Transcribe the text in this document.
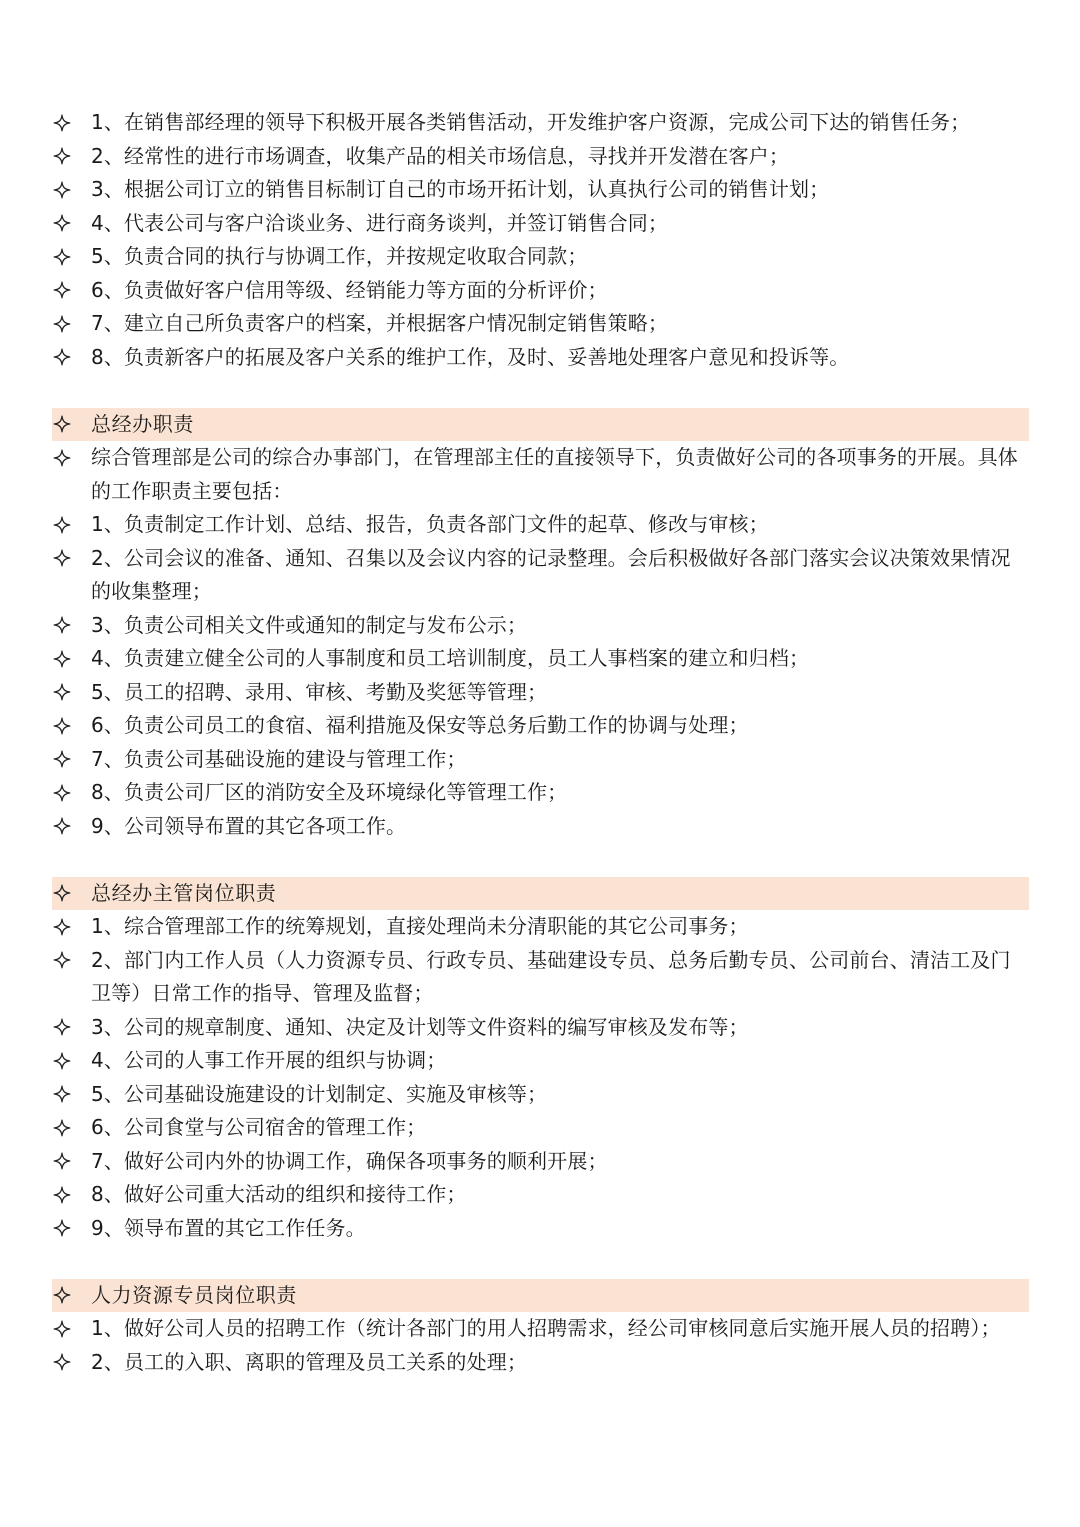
1、在销售部经理的领导下积极开展各类销售活动，开发维护客户资源，完成公司下达的销售任务；
2、经常性的进行市场调查，收集产品的相关市场信息，寻找并开发潜在客户；
3、根据公司订立的销售目标制订自己的市场开拓计划，认真执行公司的销售计划；
4、代表公司与客户洽谈业务、进行商务谈判，并签订销售合同；
5、负责合同的执行与协调工作，并按规定收取合同款；
6、负责做好客户信用等级、经销能力等方面的分析评价；
7、建立自己所负责客户的档案，并根据客户情况制定销售策略；
8、负责新客户的拓展及客户关系的维护工作，及时、妥善地处理客户意见和投诉等。
总经办职责
综合管理部是公司的综合办事部门，在管理部主任的直接领导下，负责做好公司的各项事务的开展。具体的工作职责主要包括：
1、负责制定工作计划、总结、报告，负责各部门文件的起草、修改与审核；
2、公司会议的准备、通知、召集以及会议内容的记录整理。会后积极做好各部门落实会议决策效果情况的收集整理；
3、负责公司相关文件或通知的制定与发布公示；
4、负责建立健全公司的人事制度和员工培训制度，员工人事档案的建立和归档；
5、员工的招聘、录用、审核、考勤及奖惩等管理；
6、负责公司员工的食宿、福利措施及保安等总务后勤工作的协调与处理；
7、负责公司基础设施的建设与管理工作；
8、负责公司厂区的消防安全及环境绿化等管理工作；
9、公司领导布置的其它各项工作。
总经办主管岗位职责
1、综合管理部工作的统筹规划，直接处理尚未分清职能的其它公司事务；
2、部门内工作人员（人力资源专员、行政专员、基础建设专员、总务后勤专员、公司前台、清洁工及门卫等）日常工作的指导、管理及监督；
3、公司的规章制度、通知、决定及计划等文件资料的编写审核及发布等；
4、公司的人事工作开展的组织与协调；
5、公司基础设施建设的计划制定、实施及审核等；
6、公司食堂与公司宿舍的管理工作；
7、做好公司内外的协调工作，确保各项事务的顺利开展；
8、做好公司重大活动的组织和接待工作；
9、领导布置的其它工作任务。
人力资源专员岗位职责
1、做好公司人员的招聘工作（统计各部门的用人招聘需求，经公司审核同意后实施开展人员的招聘）；
2、员工的入职、离职的管理及员工关系的处理；
